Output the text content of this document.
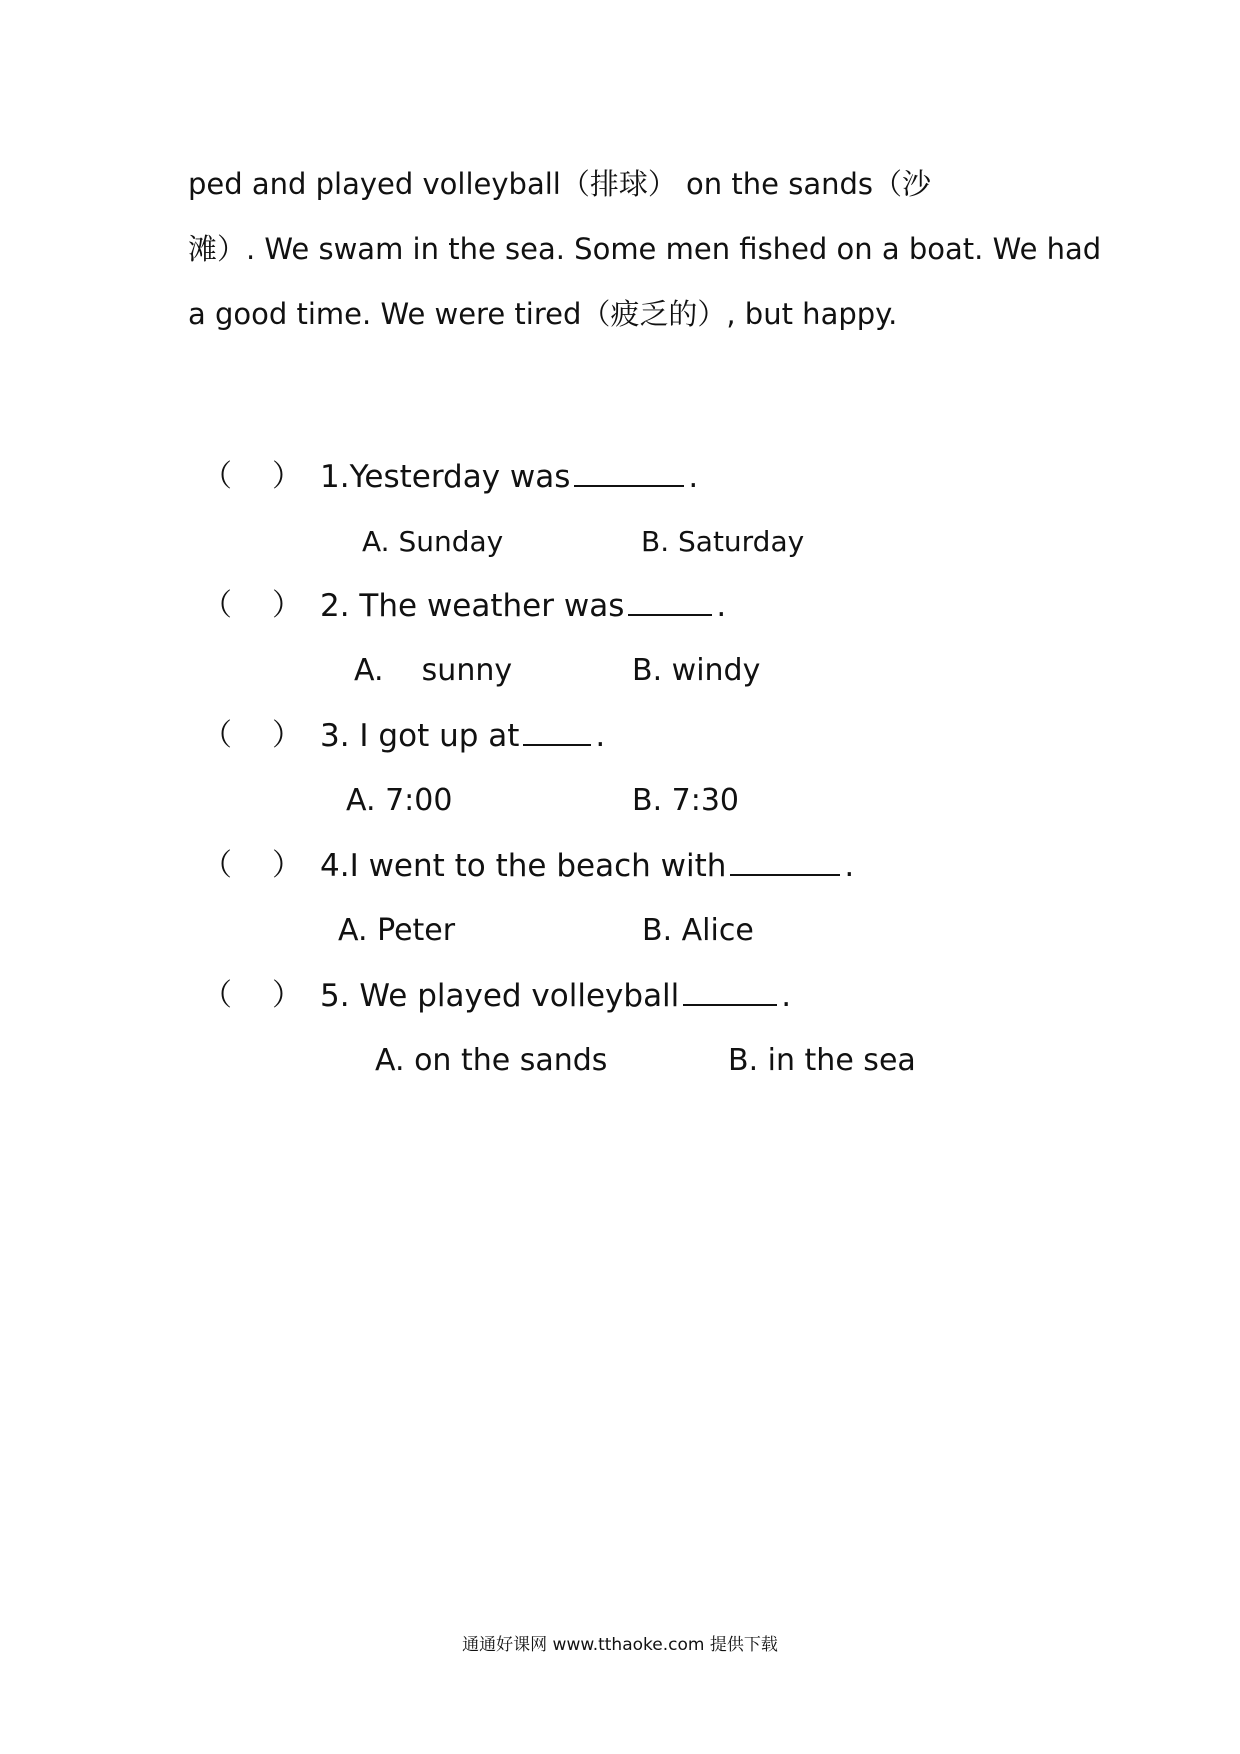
ped and played volleyball（排球） on the sands（沙
滩）. We swam in the sea. Some men fished on a boat. We had
a good time. We were tired（疲乏的）, but happy.
（ ） 1.Yesterday was	.
A. Sunday	B. Saturday
（ ） 2. The weather was	.
A.    sunny	B. windy
（ ） 3. I got up at .
A. 7:00	B. 7:30
（ ） 4.I went to the beach with	.
A. Peter	B. Alice
（ ） 5. We played volleyball	.
A. on the sands	B. in the sea
通通好课网 www.tthaoke.com 提供下载
